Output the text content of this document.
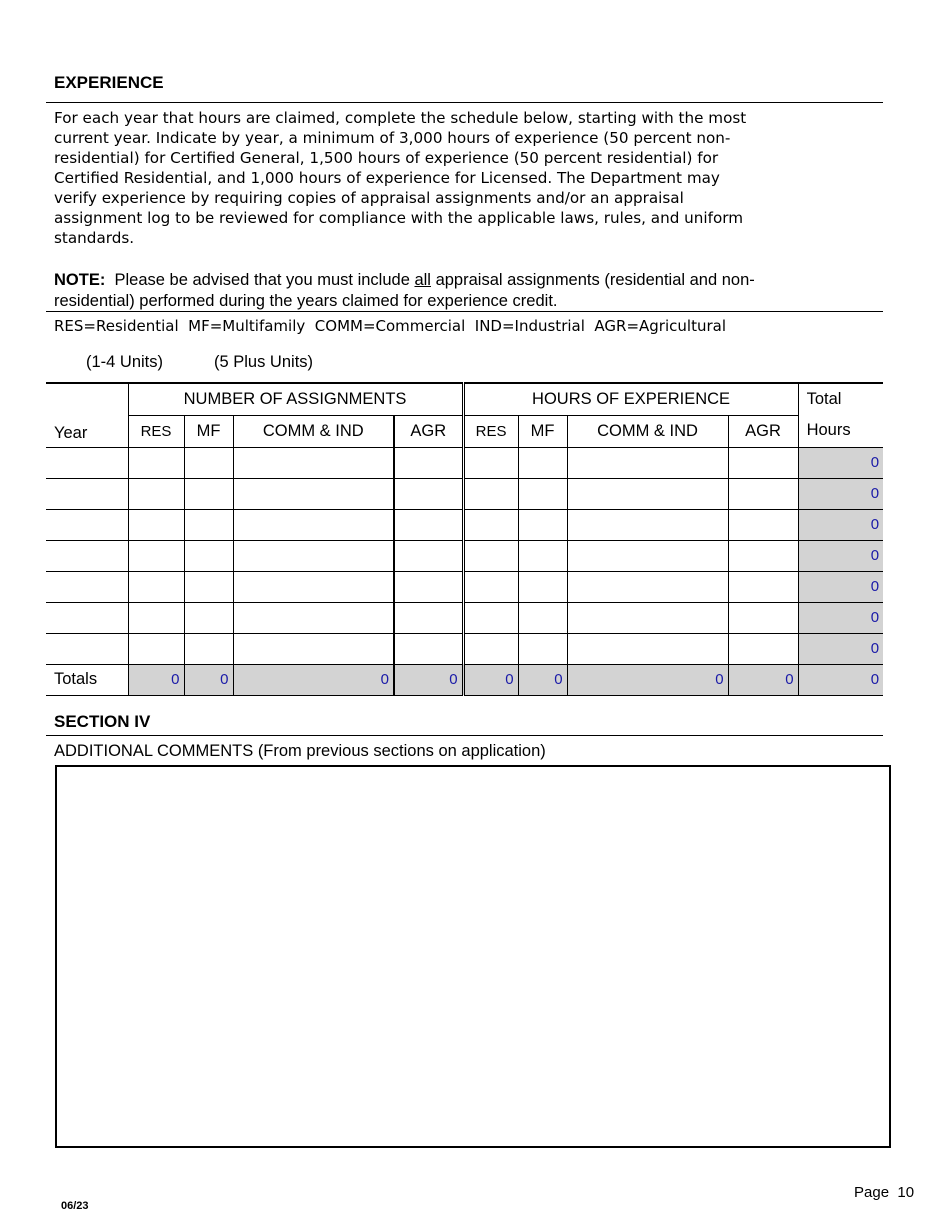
EXPERIENCE
For each year that hours are claimed, complete the schedule below, starting with the most
current year. Indicate by year, a minimum of 3,000 hours of experience (50 percent non-
residential) for Certified General, 1,500 hours of experience (50 percent residential) for
Certified Residential, and 1,000 hours of experience for Licensed. The Department may
verify experience by requiring copies of appraisal assignments and/or an appraisal
assignment log to be reviewed for compliance with the applicable laws, rules, and uniform
standards.
NOTE: Please be advised that you must include all appraisal assignments (residential and non-
residential) performed during the years claimed for experience credit.
RES=Residential  MF=Multifamily  COMM=Commercial  IND=Industrial  AGR=Agricultural
(1-4 Units)	(5 Plus Units)
Year	NUMBER OF ASSIGNMENTS				HOURS OF EXPERIENCE				Total
	RES	MF	COMM & IND	AGR	RES	MF	COMM & IND	AGR	Hours
									0
									0
									0
									0
									0
									0
									0
Totals	0	0	0	0	0	0	0	0	0
SECTION IV
ADDITIONAL COMMENTS (From previous sections on application)
Page 10
06/23
